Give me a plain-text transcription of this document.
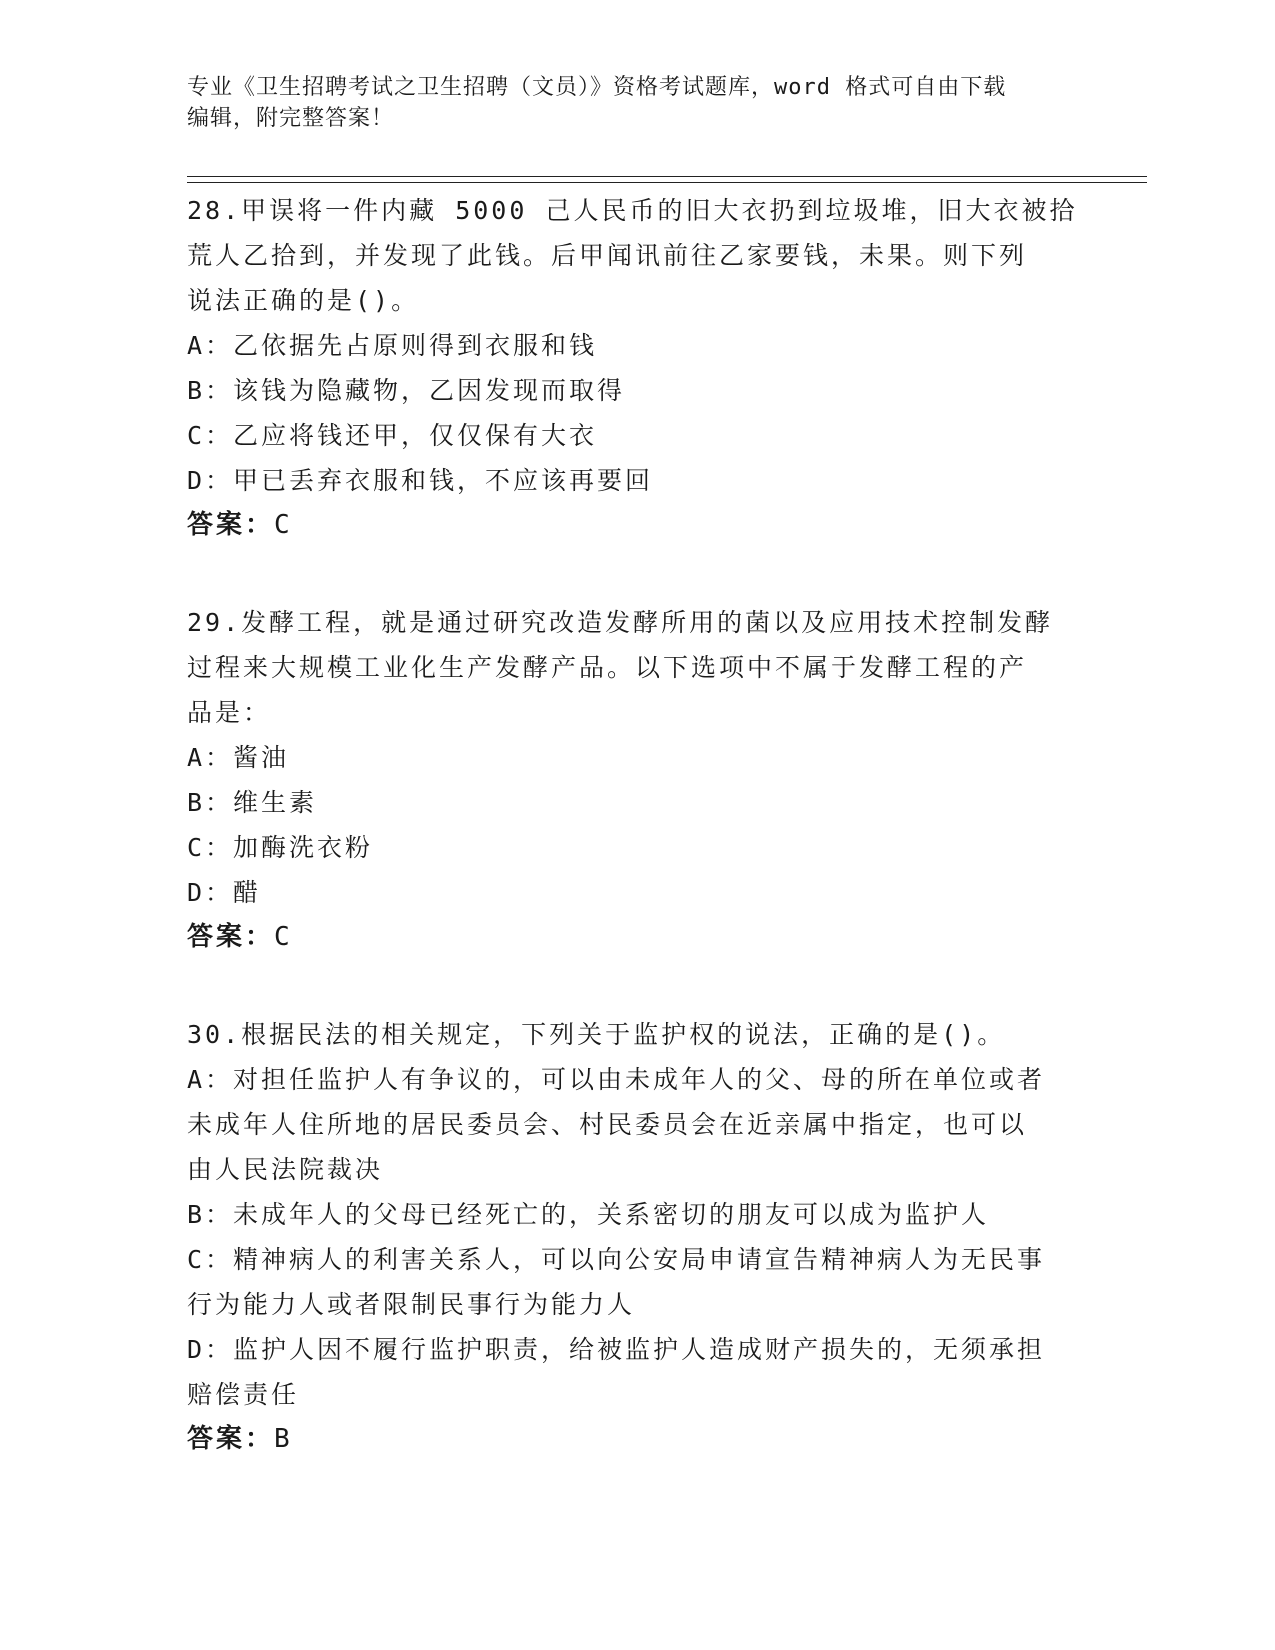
专业《卫生招聘考试之卫生招聘（文员）》资格考试题库，word 格式可自由下载
编辑，附完整答案！
28.甲误将一件内藏 5000 己人民币的旧大衣扔到垃圾堆，旧大衣被拾
荒人乙拾到，并发现了此钱。后甲闻讯前往乙家要钱，未果。则下列
说法正确的是()。
A：乙依据先占原则得到衣服和钱
B：该钱为隐藏物，乙因发现而取得
C：乙应将钱还甲，仅仅保有大衣
D：甲已丢弃衣服和钱，不应该再要回
答案：C
29.发酵工程，就是通过研究改造发酵所用的菌以及应用技术控制发酵
过程来大规模工业化生产发酵产品。以下选项中不属于发酵工程的产
品是：
A：酱油
B：维生素
C：加酶洗衣粉
D：醋
答案：C
30.根据民法的相关规定，下列关于监护权的说法，正确的是()。
A：对担任监护人有争议的，可以由未成年人的父、母的所在单位或者
未成年人住所地的居民委员会、村民委员会在近亲属中指定，也可以
由人民法院裁决
B：未成年人的父母已经死亡的，关系密切的朋友可以成为监护人
C：精神病人的利害关系人，可以向公安局申请宣告精神病人为无民事
行为能力人或者限制民事行为能力人
D：监护人因不履行监护职责，给被监护人造成财产损失的，无须承担
赔偿责任
答案：B
